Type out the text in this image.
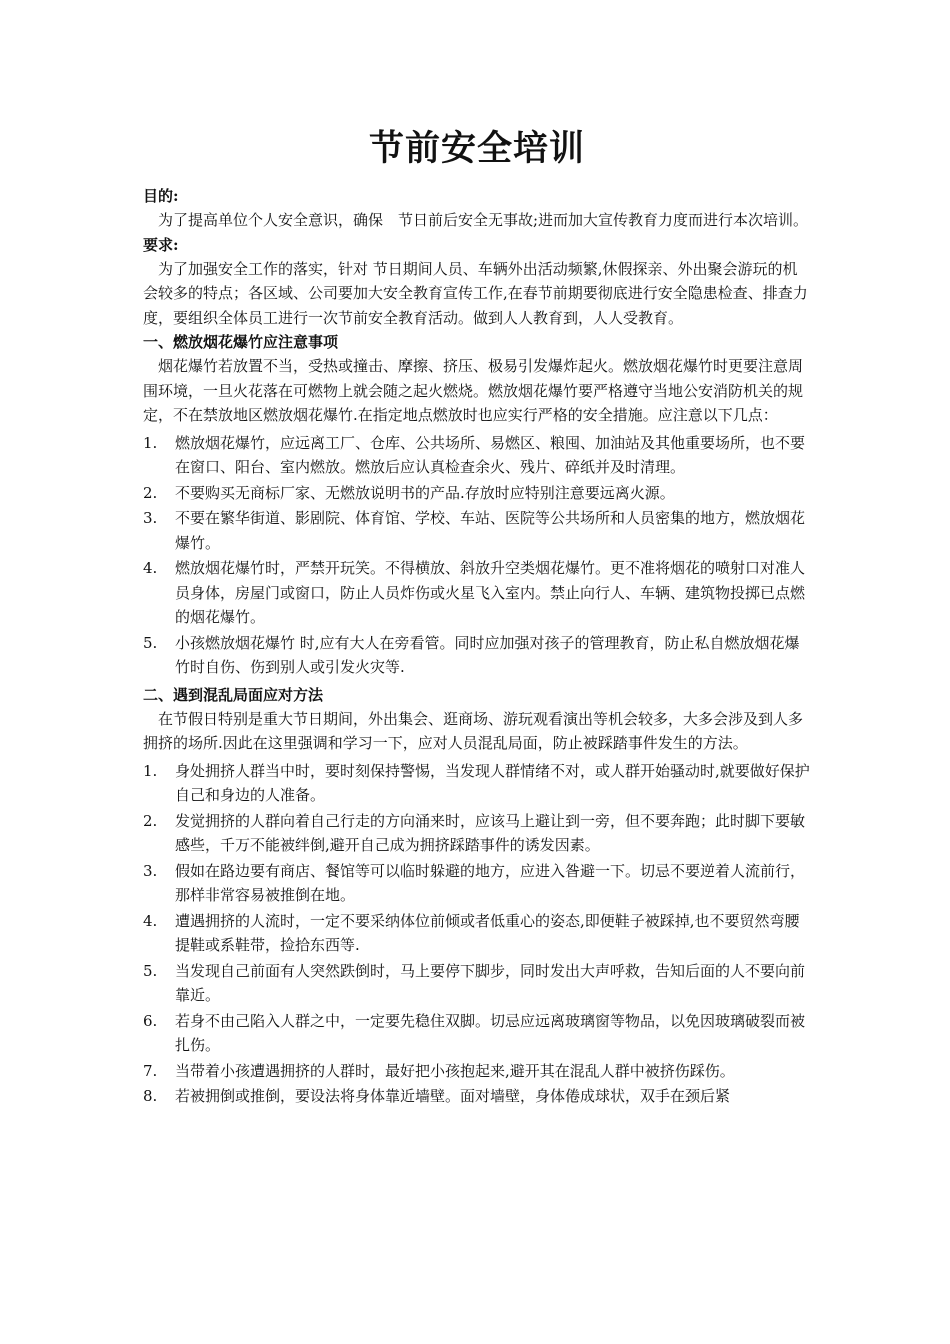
节前安全培训

目的:

为了提高单位个人安全意识，确保　节日前后安全无事故;进而加大宣传教育力度而进行本次培训。

要求:

为了加强安全工作的落实，针对 节日期间人员、车辆外出活动频繁,休假探亲、外出聚会游玩的机会较多的特点；各区域、公司要加大安全教育宣传工作,在春节前期要彻底进行安全隐患检查、排查力度，要组织全体员工进行一次节前安全教育活动。做到人人教育到，人人受教育。

一、燃放烟花爆竹应注意事项

烟花爆竹若放置不当，受热或撞击、摩擦、挤压、极易引发爆炸起火。燃放烟花爆竹时更要注意周围环境，一旦火花落在可燃物上就会随之起火燃烧。燃放烟花爆竹要严格遵守当地公安消防机关的规定，不在禁放地区燃放烟花爆竹.在指定地点燃放时也应实行严格的安全措施。应注意以下几点：

1.	燃放烟花爆竹，应远离工厂、仓库、公共场所、易燃区、粮囤、加油站及其他重要场所，也不要在窗口、阳台、室内燃放。燃放后应认真检查余火、残片、碎纸并及时清理。
2.	不要购买无商标厂家、无燃放说明书的产品.存放时应特别注意要远离火源。
3.	不要在繁华街道、影剧院、体育馆、学校、车站、医院等公共场所和人员密集的地方，燃放烟花爆竹。
4.	燃放烟花爆竹时，严禁开玩笑。不得横放、斜放升空类烟花爆竹。更不准将烟花的喷射口对准人员身体，房屋门或窗口，防止人员炸伤或火星飞入室内。禁止向行人、车辆、建筑物投掷已点燃的烟花爆竹。
5.	小孩燃放烟花爆竹 时,应有大人在旁看管。同时应加强对孩子的管理教育，防止私自燃放烟花爆竹时自伤、伤到别人或引发火灾等.

二、遇到混乱局面应对方法

在节假日特别是重大节日期间，外出集会、逛商场、游玩观看演出等机会较多，大多会涉及到人多拥挤的场所.因此在这里强调和学习一下，应对人员混乱局面，防止被踩踏事件发生的方法。

1.	身处拥挤人群当中时，要时刻保持警惕，当发现人群情绪不对，或人群开始骚动时,就要做好保护自己和身边的人准备。
2.	发觉拥挤的人群向着自己行走的方向涌来时，应该马上避让到一旁，但不要奔跑；此时脚下要敏感些，千万不能被绊倒,避开自己成为拥挤踩踏事件的诱发因素。
3.	假如在路边要有商店、餐馆等可以临时躲避的地方，应进入昝避一下。切忌不要逆着人流前行，那样非常容易被推倒在地。
4.	遭遇拥挤的人流时，一定不要采纳体位前倾或者低重心的姿态,即便鞋子被踩掉,也不要贸然弯腰提鞋或系鞋带，捡拾东西等.
5.	当发现自己前面有人突然跌倒时，马上要停下脚步，同时发出大声呼救，告知后面的人不要向前靠近。
6.	若身不由己陷入人群之中，一定要先稳住双脚。切忌应远离玻璃窗等物品，以免因玻璃破裂而被扎伤。
7.	当带着小孩遭遇拥挤的人群时，最好把小孩抱起来,避开其在混乱人群中被挤伤踩伤。
8.	若被拥倒或推倒，要设法将身体靠近墙壁。面对墙壁，身体倦成球状，双手在颈后紧
